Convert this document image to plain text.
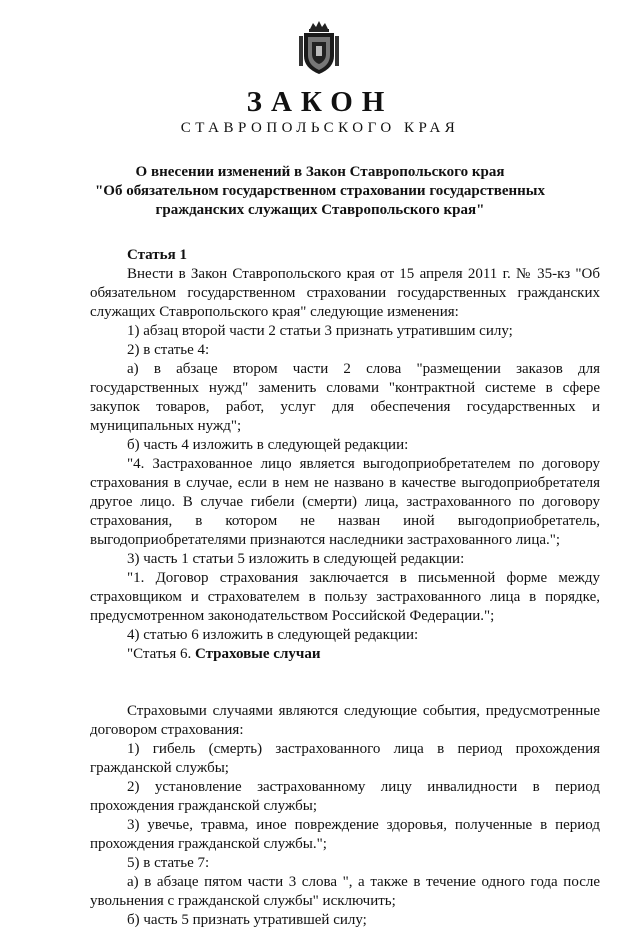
ЗАКОН
СТАВРОПОЛЬСКОГО КРАЯ
О внесении изменений в Закон Ставропольского края
"Об обязательном государственном страховании государственных
гражданских служащих Ставропольского края"

Статья 1

Внести в Закон Ставропольского края от 15 апреля 2011 г. № 35-кз "Об обязательном государственном страховании государственных гражданских служащих Ставропольского края" следующие изменения:

1) абзац второй части 2 статьи 3 признать утратившим силу;

2) в статье 4:

а) в абзаце втором части 2 слова "размещении заказов для государственных нужд" заменить словами "контрактной системе в сфере закупок товаров, работ, услуг для обеспечения государственных и муниципальных нужд";

б) часть 4 изложить в следующей редакции:

"4. Застрахованное лицо является выгодоприобретателем по договору страхования в случае, если в нем не названо в качестве выгодоприобретателя другое лицо. В случае гибели (смерти) лица, застрахованного по договору страхования, в котором не назван иной выгодоприобретатель, выгодоприобретателями признаются наследники застрахованного лица.";

3) часть 1 статьи 5 изложить в следующей редакции:

"1. Договор страхования заключается в письменной форме между страховщиком и страхователем в пользу застрахованного лица в порядке, предусмотренном законодательством Российской Федерации.";

4) статью 6 изложить в следующей редакции:

"Статья 6. Страховые случаи

Страховыми случаями являются следующие события, предусмотренные договором страхования:

1) гибель (смерть) застрахованного лица в период прохождения гражданской службы;

2) установление застрахованному лицу инвалидности в период прохождения гражданской службы;

3) увечье, травма, иное повреждение здоровья, полученные в период прохождения гражданской службы.";

5) в статье 7:

а) в абзаце пятом части 3 слова ", а также в течение одного года после увольнения с гражданской службы" исключить;

б) часть 5 признать утратившей силу;
